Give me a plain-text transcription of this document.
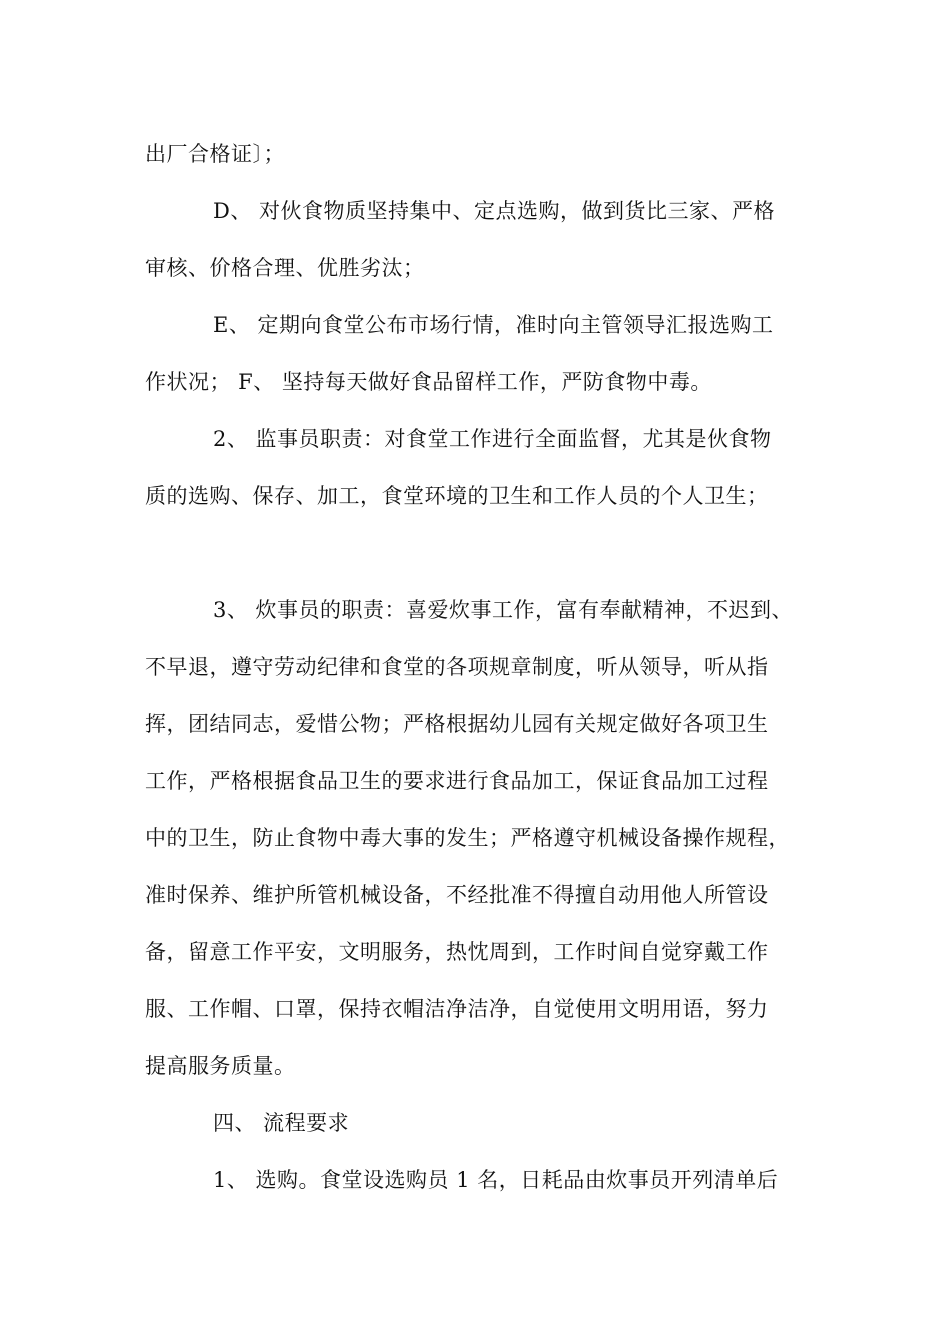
出厂合格证〕；
D、 对伙食物质坚持集中、定点选购，做到货比三家、严格
审核、价格合理、优胜劣汰；
E、 定期向食堂公布市场行情，准时向主管领导汇报选购工
作状况； F、 坚持每天做好食品留样工作，严防食物中毒。
2、 监事员职责：对食堂工作进行全面监督，尤其是伙食物
质的选购、保存、加工，食堂环境的卫生和工作人员的个人卫生；
3、 炊事员的职责：喜爱炊事工作，富有奉献精神，不迟到、
不早退，遵守劳动纪律和食堂的各项规章制度，听从领导，听从指
挥，团结同志，爱惜公物；严格根据幼儿园有关规定做好各项卫生
工作，严格根据食品卫生的要求进行食品加工，保证食品加工过程
中的卫生，防止食物中毒大事的发生；严格遵守机械设备操作规程，
准时保养、维护所管机械设备，不经批准不得擅自动用他人所管设
备，留意工作平安，文明服务，热忱周到，工作时间自觉穿戴工作
服、工作帽、口罩，保持衣帽洁净洁净，自觉使用文明用语，努力
提高服务质量。
四、 流程要求
1、 选购。食堂设选购员 1 名，日耗品由炊事员开列清单后
